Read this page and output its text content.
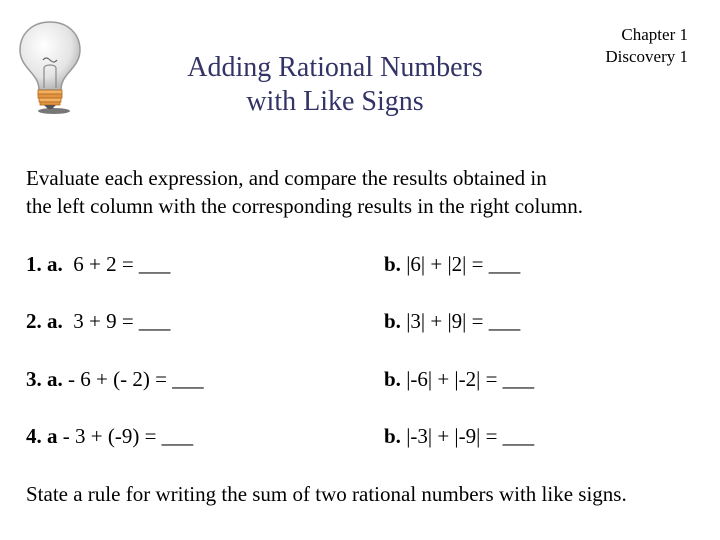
Adding Rational Numbers
with Like Signs
Chapter 1
Discovery 1
Evaluate each expression, and compare the results obtained in
the left column with the corresponding results in the right column.
1. a. 6 + 2 = ___	b. |6| + |2| = ___
2. a. 3 + 9 = ___	b. |3| + |9| = ___
3. a. - 6 + (- 2) = ___	b. |-6| + |-2| = ___
4. a - 3 + (-9) = ___	b. |-3| + |-9| = ___
State a rule for writing the sum of two rational numbers with like signs.
